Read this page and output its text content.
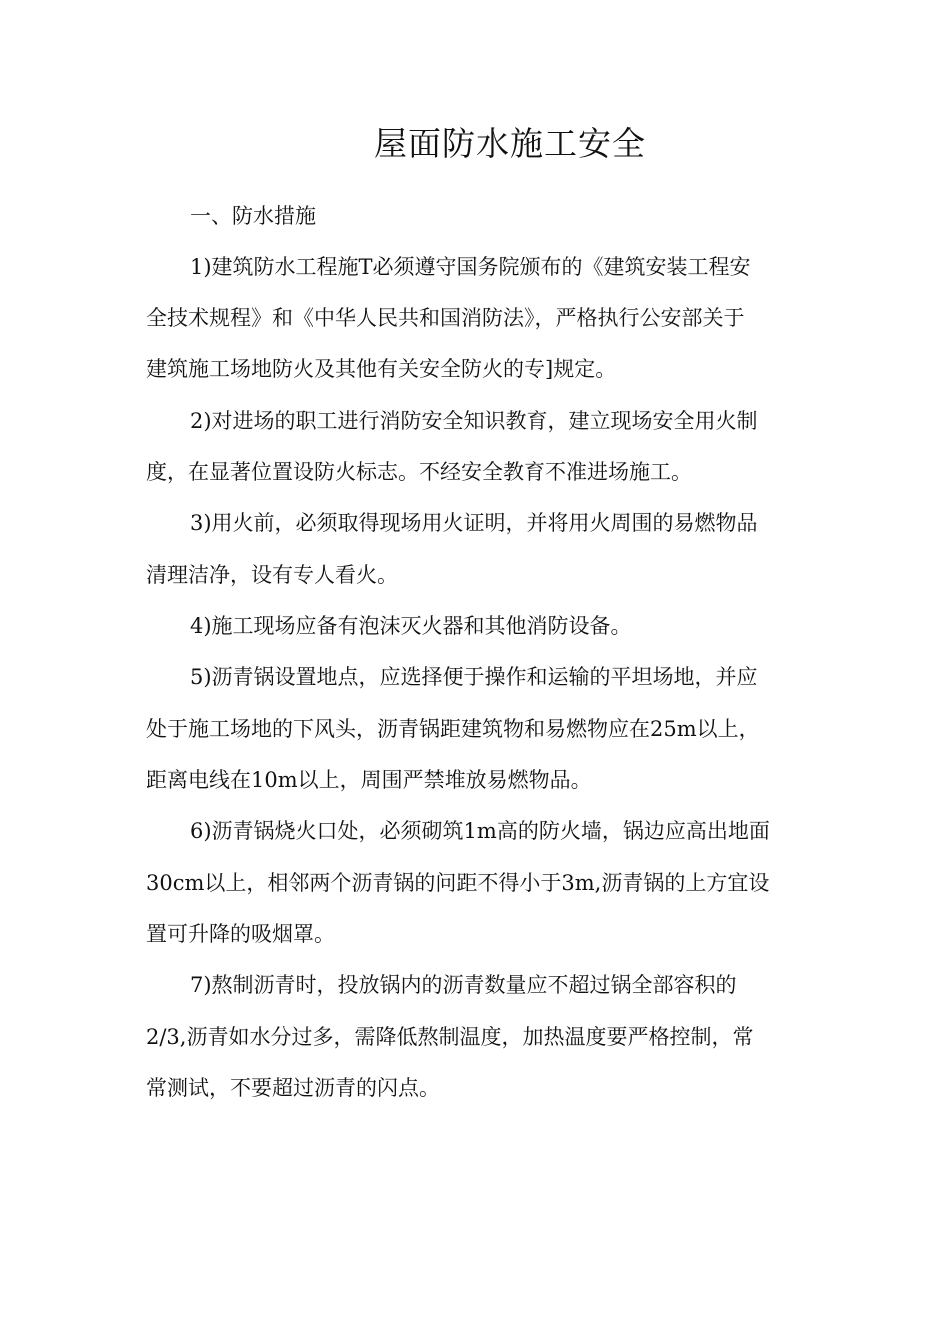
屋面防水施工安全
一、防水措施
1)建筑防水工程施T必须遵守国务院颁布的《建筑安装工程安
全技术规程》和《中华人民共和国消防法》，严格执行公安部关于
建筑施工场地防火及其他有关安全防火的专]规定。
2)对进场的职工进行消防安全知识教育，建立现场安全用火制
度，在显著位置设防火标志。不经安全教育不准进场施工。
3)用火前，必须取得现场用火证明，并将用火周围的易燃物品
清理洁净，设有专人看火。
4)施工现场应备有泡沫灭火器和其他消防设备。
5)沥青锅设置地点，应选择便于操作和运输的平坦场地，并应
处于施工场地的下风头，沥青锅距建筑物和易燃物应在25m以上，
距离电线在10m以上，周围严禁堆放易燃物品。
6)沥青锅烧火口处，必须砌筑1m高的防火墙，锅边应高出地面
30cm以上，相邻两个沥青锅的问距不得小于3m,沥青锅的上方宜设
置可升降的吸烟罩。
7)熬制沥青时，投放锅内的沥青数量应不超过锅全部容积的
2/3,沥青如水分过多，需降低熬制温度，加热温度要严格控制，常
常测试，不要超过沥青的闪点。
